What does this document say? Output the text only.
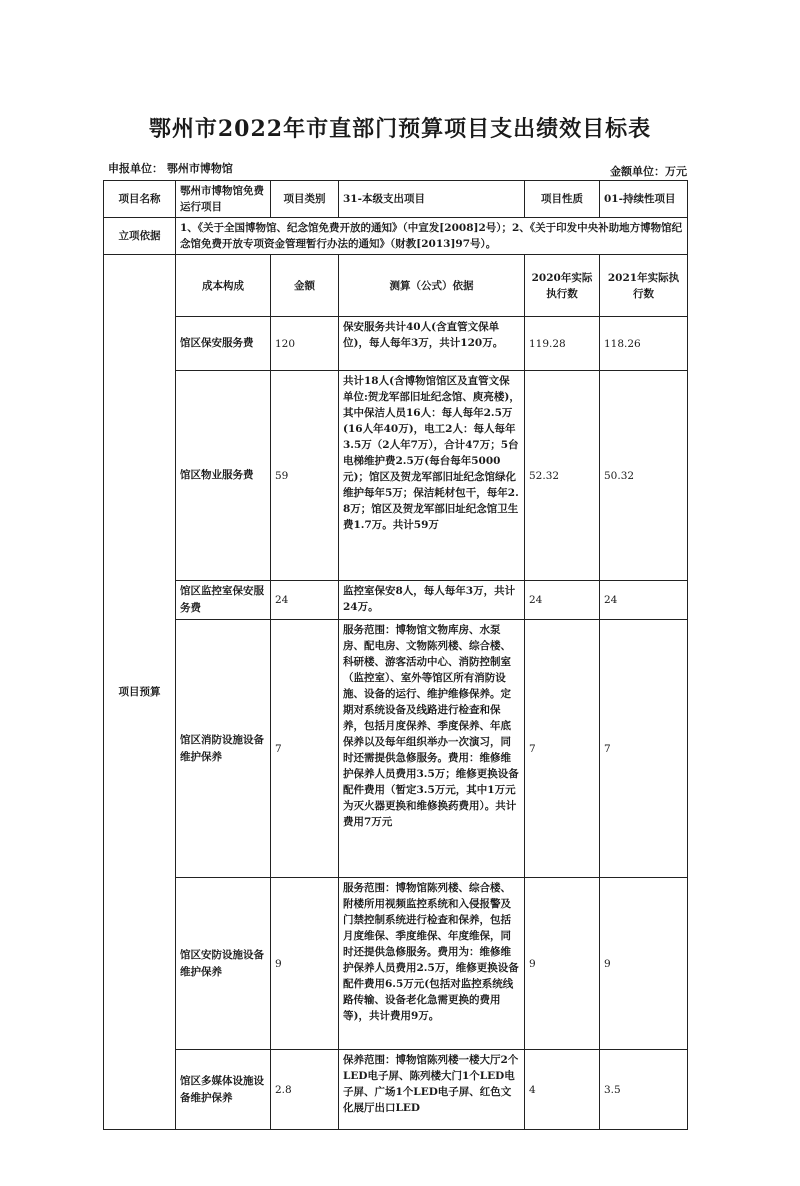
鄂州市2022年市直部门预算项目支出绩效目标表
申报单位： 鄂州市博物馆	金额单位：万元
项目名称	鄂州市博物馆免费运行项目	项目类别	31-本级支出项目	项目性质	01-持续性项目
立项依据	1、《关于全国博物馆、纪念馆免费开放的通知》（中宣发[2008]2号）；2、《关于印发中央补助地方博物馆纪念馆免费开放专项资金管理暂行办法的通知》（财教[2013]97号）。				
项目预算	成本构成	金额	测算（公式）依据	2020年实际执行数	2021年实际执行数
	馆区保安服务费	120	保安服务共计40人(含直管文保单位)，每人每年3万，共计120万。	119.28	118.26
	馆区物业服务费	59	共计18人(含博物馆馆区及直管文保单位:贺龙军部旧址纪念馆、庾亮楼)，其中保洁人员16人：每人每年2.5万(16人年40万)，电工2人：每人每年3.5万（2人年7万），合计47万；5台电梯维护费2.5万(每台每年5000元)；馆区及贺龙军部旧址纪念馆绿化维护每年5万；保洁耗材包干，每年2.8万；馆区及贺龙军部旧址纪念馆卫生费1.7万。共计59万	52.32	50.32
	馆区监控室保安服务费	24	监控室保安8人，每人每年3万，共计24万。	24	24
	馆区消防设施设备维护保养	7	服务范围：博物馆文物库房、水泵房、配电房、文物陈列楼、综合楼、科研楼、游客活动中心、消防控制室（监控室）、室外等馆区所有消防设施、设备的运行、维护维修保养。定期对系统设备及线路进行检查和保养，包括月度保养、季度保养、年底保养以及每年组织举办一次演习，同时还需提供急修服务。费用：维修维护保养人员费用3.5万；维修更换设备配件费用（暂定3.5万元，其中1万元为灭火器更换和维修换药费用）。共计费用7万元	7	7
	馆区安防设施设备维护保养	9	服务范围：博物馆陈列楼、综合楼、附楼所用视频监控系统和入侵报警及门禁控制系统进行检查和保养，包括月度维保、季度维保、年度维保，同时还提供急修服务。费用为：维修维护保养人员费用2.5万，维修更换设备配件费用6.5万元(包括对监控系统线路传输、设备老化急需更换的费用等)，共计费用9万。	9	9
	馆区多媒体设施设备维护保养	2.8	保养范围：博物馆陈列楼一楼大厅2个LED电子屏、陈列楼大门1个LED电子屏、广场1个LED电子屏、红色文化展厅出口LED	4	3.5
